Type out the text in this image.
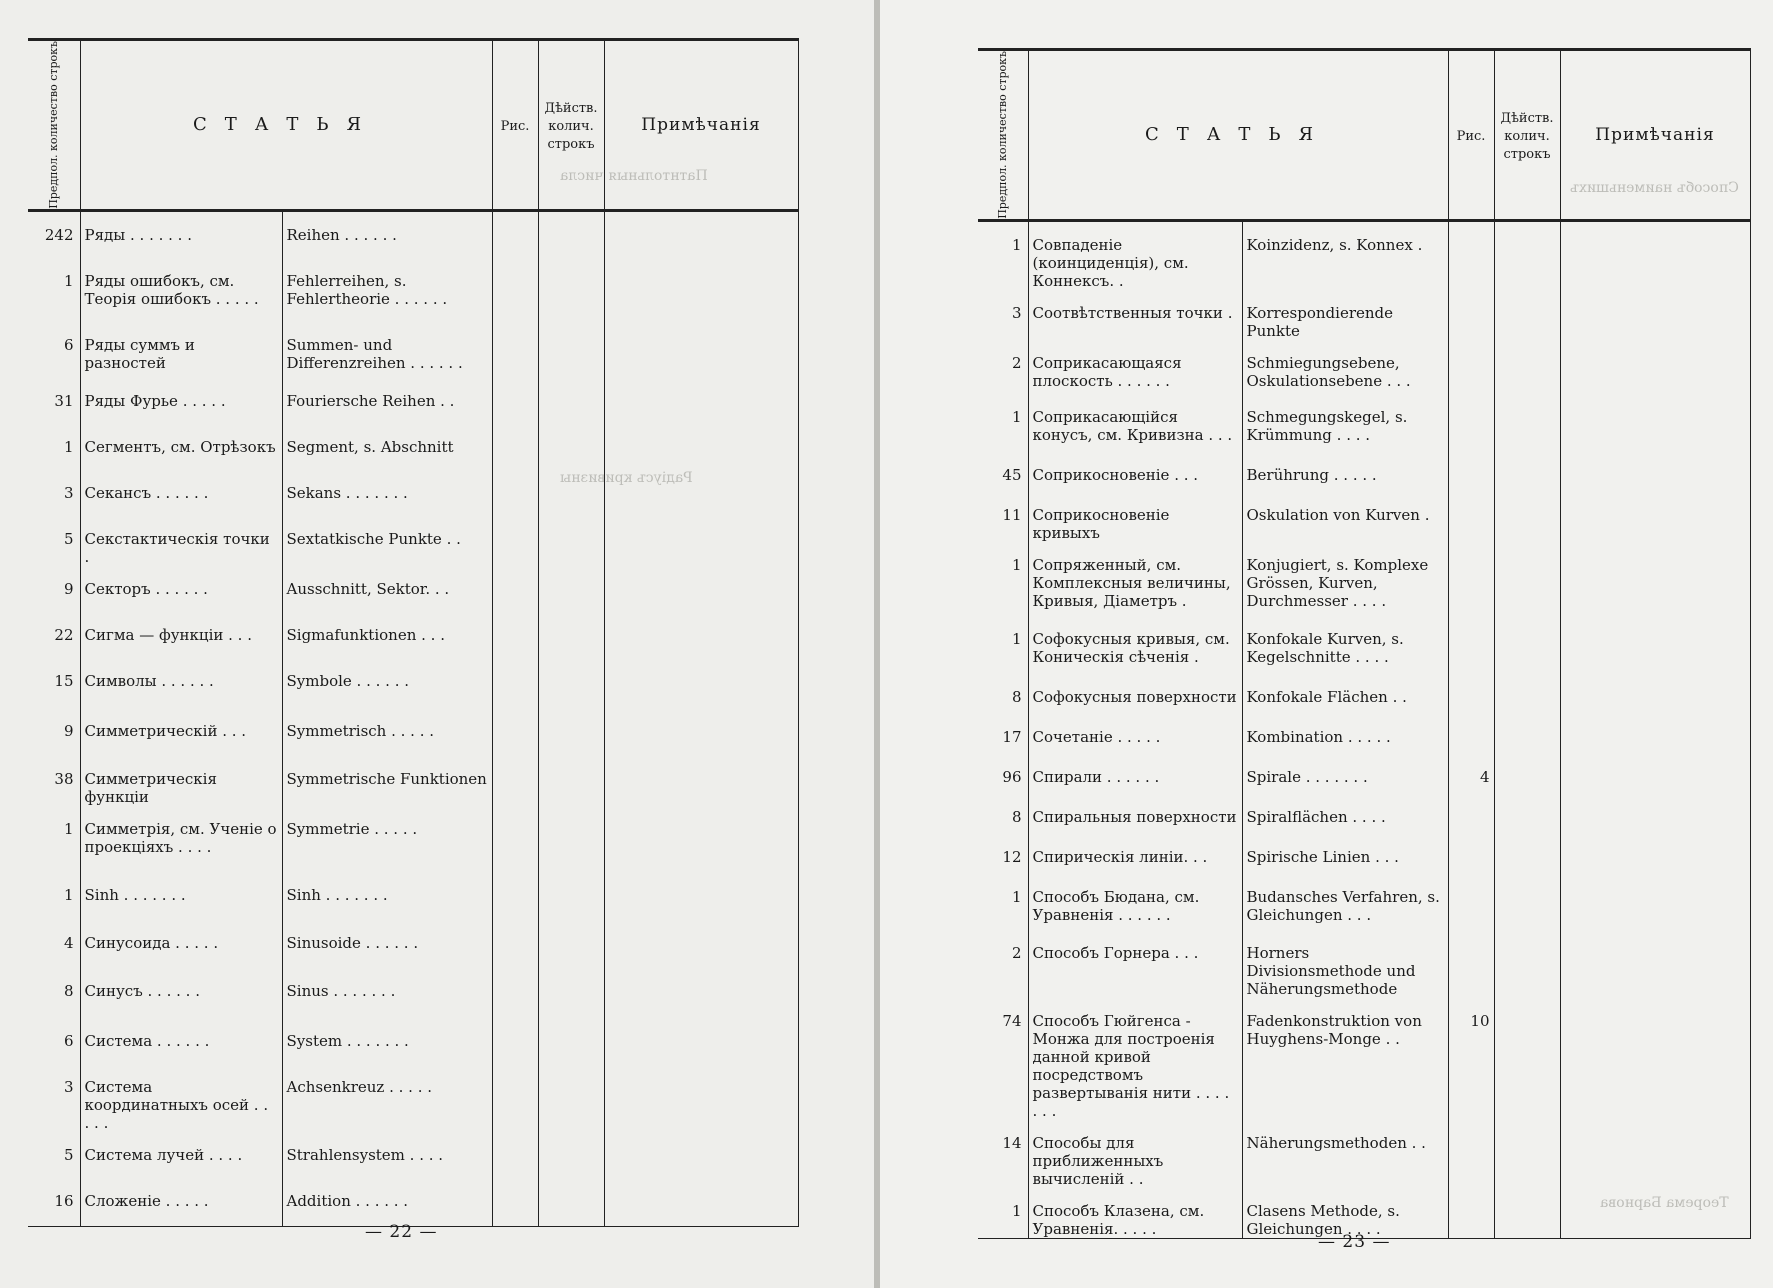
Патнтольныя числа
Радіусъ кривизны
Предпол. количество строкъ	СТАТЬЯ		Рис.	Дѣйств. колич. строкъ	Примѣчанія
242	Ряды . . . . . . .	Reihen . . . . . .			
1	Ряды ошибокъ, см. Теорія ошибокъ . . . . .	Fehlerreihen, s. Fehlertheorie . . . . . .			
6	Ряды суммъ и разностей	Summen- und Differenzreihen . . . . . .			
31	Ряды Фурье . . . . .	Fouriersche Reihen . .			
1	Сегментъ, см. Отрѣзокъ	Segment, s. Abschnitt			
3	Секансъ . . . . . .	Sekans . . . . . . .			
5	Секстактическія точки .	Sextatkische Punkte . .			
9	Секторъ . . . . . .	Ausschnitt, Sektor. . .			
22	Сигма — функціи . . .	Sigmafunktionen . . .			
15	Символы . . . . . .	Symbole . . . . . .			
9	Симметрическій . . .	Symmetrisch . . . . .			
38	Симметрическія функціи	Symmetrische Funktionen			
1	Симметрія, см. Ученіе о проекціяхъ . . . .	Symmetrie . . . . .			
1	Sinh . . . . . . .	Sinh . . . . . . .			
4	Синусоида . . . . .	Sinusoide . . . . . .			
8	Синусъ . . . . . .	Sinus . . . . . . .			
6	Система . . . . . .	System . . . . . . .			
3	Система координатныхъ осей . . . . .	Achsenkreuz . . . . .			
5	Система лучей . . . .	Strahlensystem . . . .			
16	Сложеніе . . . . .	Addition . . . . . .			
— 22 —
Способъ наименьшихъ
Теорема Барнова
Предпол. количество строкъ	СТАТЬЯ		Рис.	Дѣйств. колич. строкъ	Примѣчанія
1	Совпаденіе (коинциденція), см. Коннексъ. .	Koinzidenz, s. Konnex .			
3	Соотвѣтственныя точки .	Korrespondierende Punkte			
2	Соприкасающаяся плоскость . . . . . .	Schmiegungsebene, Oskulationsebene . . .			
1	Соприкасающійся конусъ, см. Кривизна . . .	Schmegungskegel, s. Krümmung . . . .			
45	Соприкосновеніе . . .	Berührung . . . . .			
11	Соприкосновеніе кривыхъ	Oskulation von Kurven .			
1	Сопряженный, см. Комплексныя величины, Кривыя, Діаметръ .	Konjugiert, s. Komplexe Grössen, Kurven, Durchmesser . . . .			
1	Софокусныя кривыя, см. Коническія сѣченія .	Konfokale Kurven, s. Kegelschnitte . . . .			
8	Софокусныя поверхности	Konfokale Flächen . .			
17	Сочетаніе . . . . .	Kombination . . . . .			
96	Спирали . . . . . .	Spirale . . . . . . .	4		
8	Спиральныя поверхности	Spiralflächen . . . .			
12	Спирическія линіи. . .	Spirische Linien . . .			
1	Способъ Бюдана, см. Уравненія . . . . . .	Budansches Verfahren, s. Gleichungen . . .			
2	Способъ Горнера . . .	Horners Divisionsmethode und Näherungsmethode			
74	Способъ Гюйгенса - Монжа для построенія данной кривой посредствомъ развертыванія нити . . . . . . .	Fadenkonstruktion von Huyghens-Monge . .	10		
14	Способы для приближенныхъ вычисленій . .	Näherungsmethoden . .			
1	Способъ Клазена, см. Уравненія. . . . .	Clasens Methode, s. Gleichungen . . . .			
— 23 —
